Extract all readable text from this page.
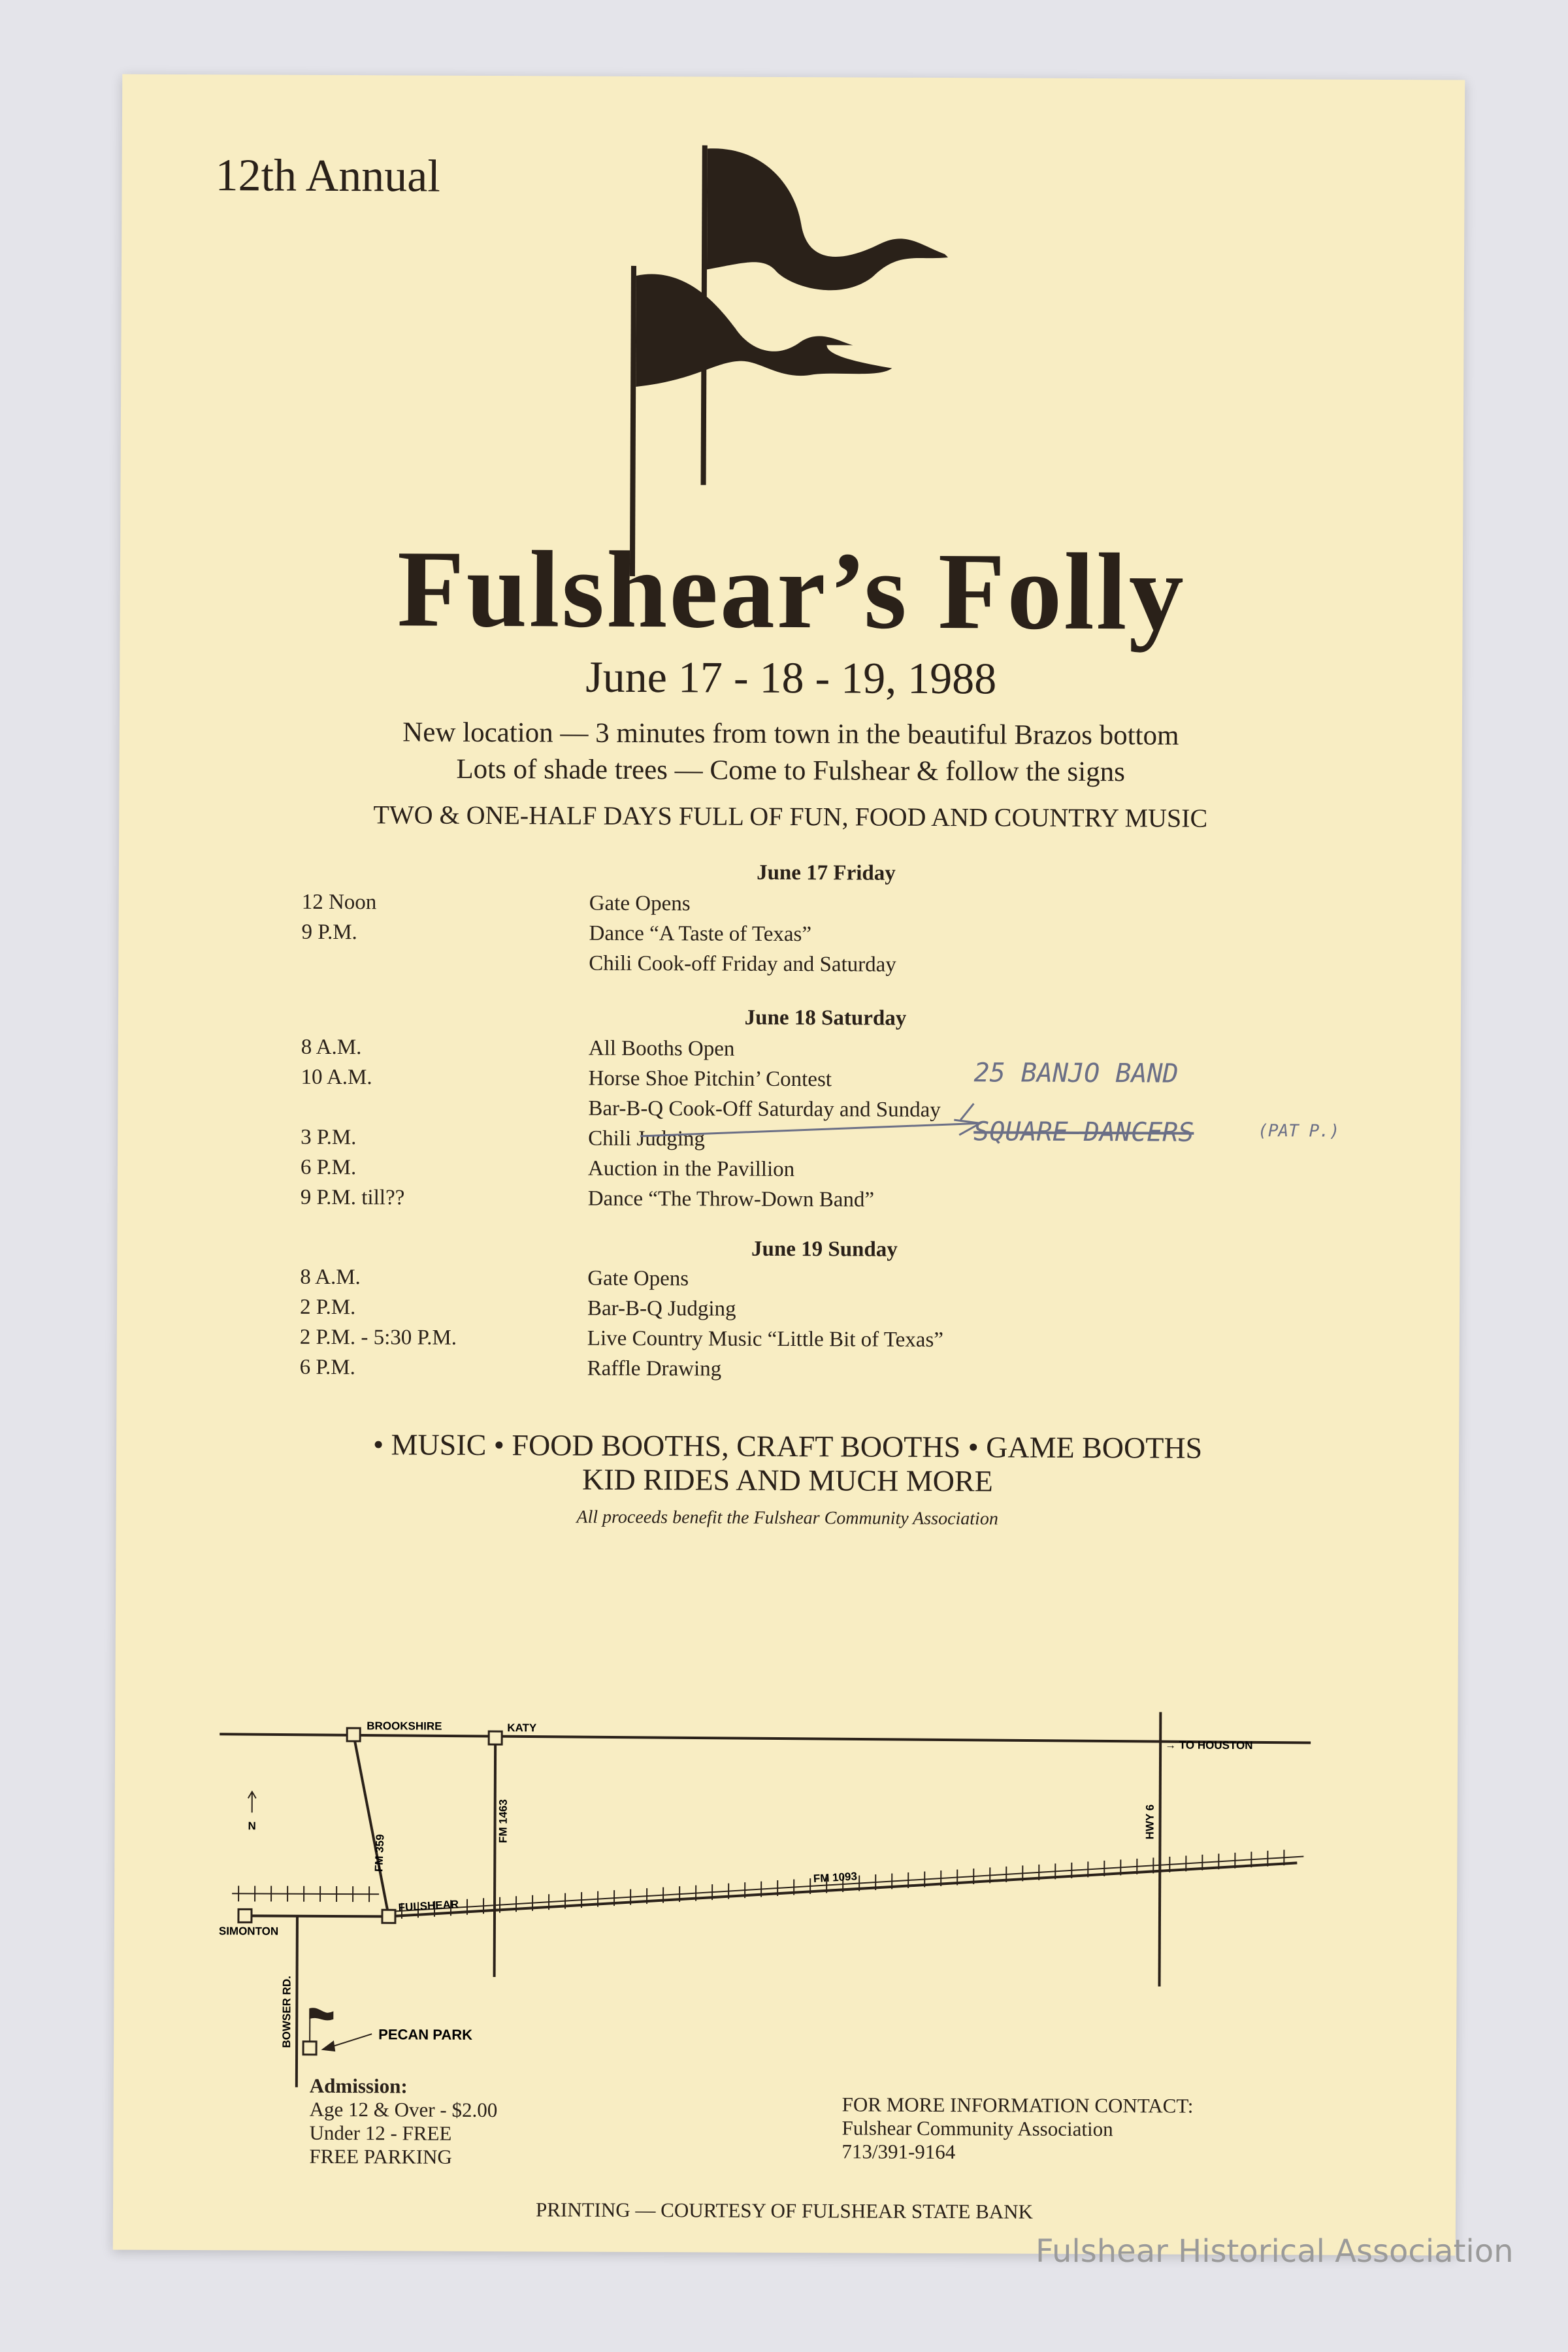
12th Annual
Fulshear’s Folly
June 17 - 18 - 19, 1988
New location — 3 minutes from town in the beautiful Brazos bottom
Lots of shade trees — Come to Fulshear & follow the signs
TWO & ONE-HALF DAYS FULL OF FUN, FOOD AND COUNTRY MUSIC
June 17 Friday
12 Noon	Gate Opens
9 P.M.	Dance “A Taste of Texas”
Chili Cook-off Friday and Saturday
June 18 Saturday
8 A.M.	All Booths Open
10 A.M.	Horse Shoe Pitchin’ Contest
Bar-B-Q Cook-Off Saturday and Sunday
3 P.M.	Chili Judging
6 P.M.	Auction in the Pavillion
9 P.M. till??	Dance “The Throw-Down Band”
25 BANJO BAND
SQUARE DANCERS	(PAT P.)
June 19 Sunday
8 A.M.	Gate Opens
2 P.M.	Bar-B-Q Judging
2 P.M. - 5:30 P.M.	Live Country Music “Little Bit of Texas”
6 P.M.	Raffle Drawing
• MUSIC • FOOD BOOTHS, CRAFT BOOTHS • GAME BOOTHS
KID RIDES AND MUCH MORE
All proceeds benefit the Fulshear Community Association
BROOKSHIRE	KATY
→ TO HOUSTON
N
FM 359
FM 1463	HWY 6
FM 1093
FULSHEAR
SIMONTON
BOWSER RD.	PECAN PARK
Admission:
Age 12 & Over - $2.00
Under 12 - FREE
FREE PARKING
FOR MORE INFORMATION CONTACT:
Fulshear Community Association
713/391-9164
PRINTING — COURTESY OF FULSHEAR STATE BANK
Fulshear Historical Association
